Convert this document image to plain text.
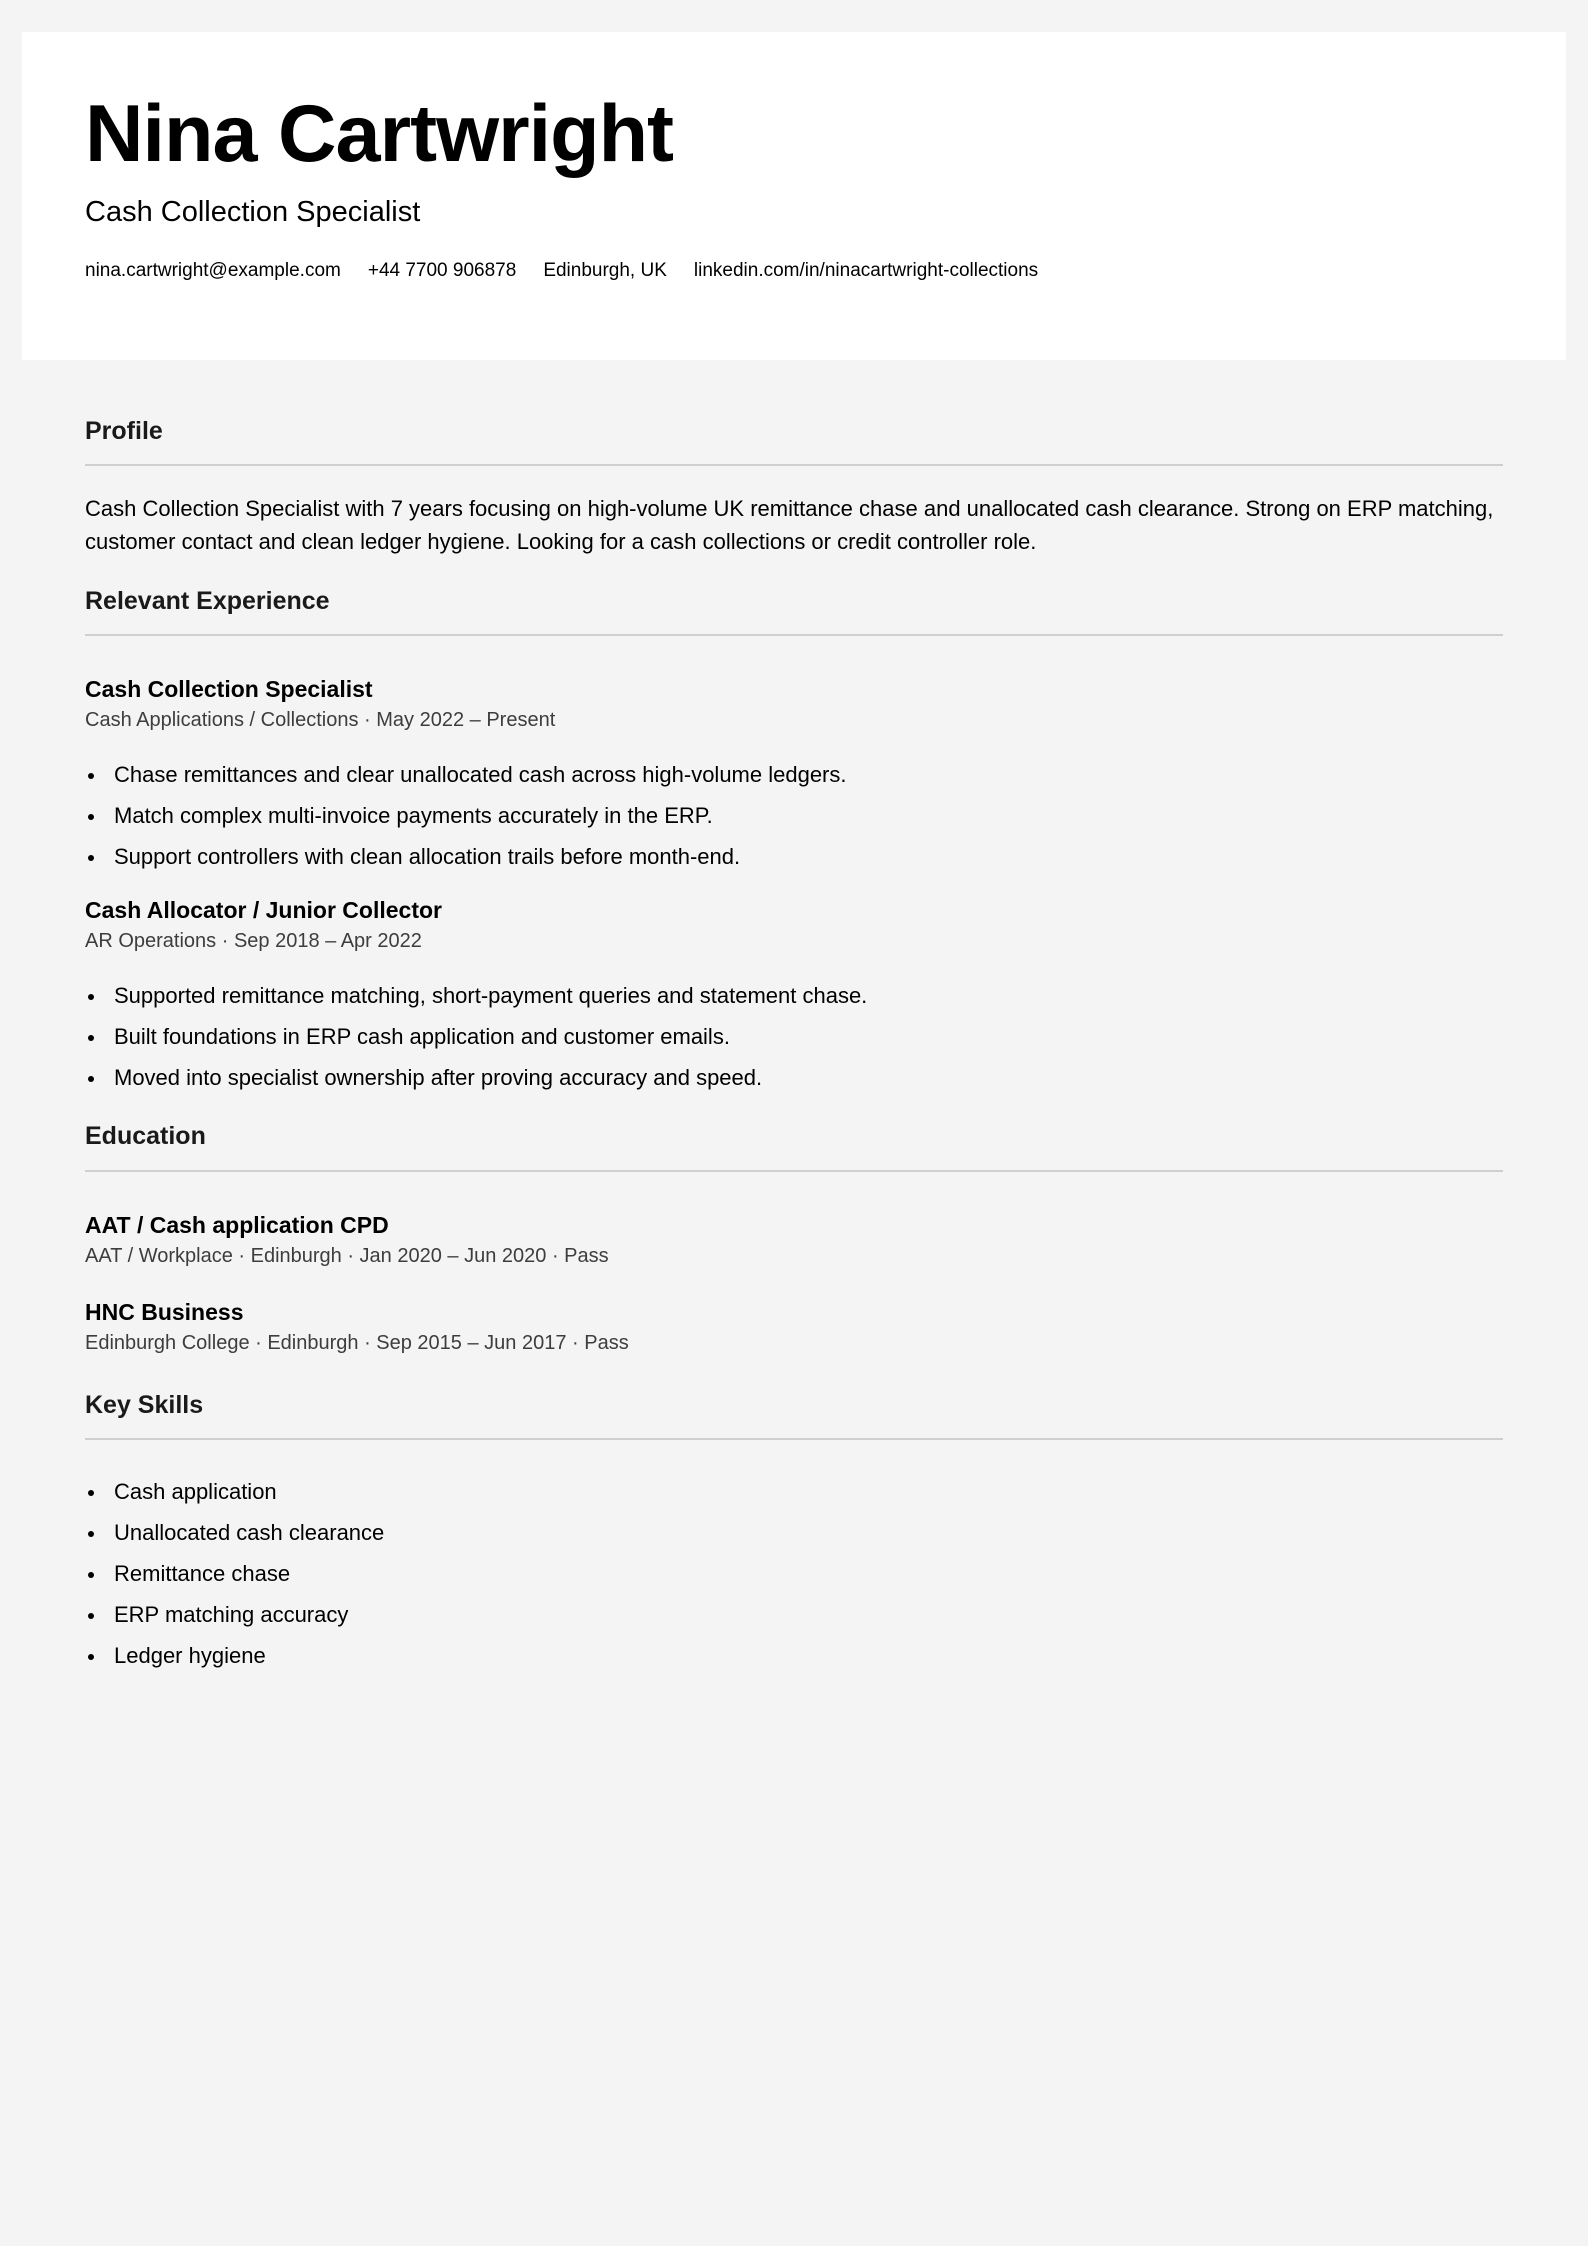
Nina Cartwright
Cash Collection Specialist
nina.cartwright@example.com +44 7700 906878 Edinburgh, UK linkedin.com/in/ninacartwright-collections
Profile
Cash Collection Specialist with 7 years focusing on high-volume UK remittance chase and unallocated cash clearance. Strong on ERP matching, customer contact and clean ledger hygiene. Looking for a cash collections or credit controller role.
Relevant Experience
Cash Collection Specialist
Cash Applications / Collections · May 2022 – Present
Chase remittances and clear unallocated cash across high-volume ledgers.
Match complex multi-invoice payments accurately in the ERP.
Support controllers with clean allocation trails before month-end.
Cash Allocator / Junior Collector
AR Operations · Sep 2018 – Apr 2022
Supported remittance matching, short-payment queries and statement chase.
Built foundations in ERP cash application and customer emails.
Moved into specialist ownership after proving accuracy and speed.
Education
AAT / Cash application CPD
AAT / Workplace · Edinburgh · Jan 2020 – Jun 2020 · Pass
HNC Business
Edinburgh College · Edinburgh · Sep 2015 – Jun 2017 · Pass
Key Skills
Cash application
Unallocated cash clearance
Remittance chase
ERP matching accuracy
Ledger hygiene
